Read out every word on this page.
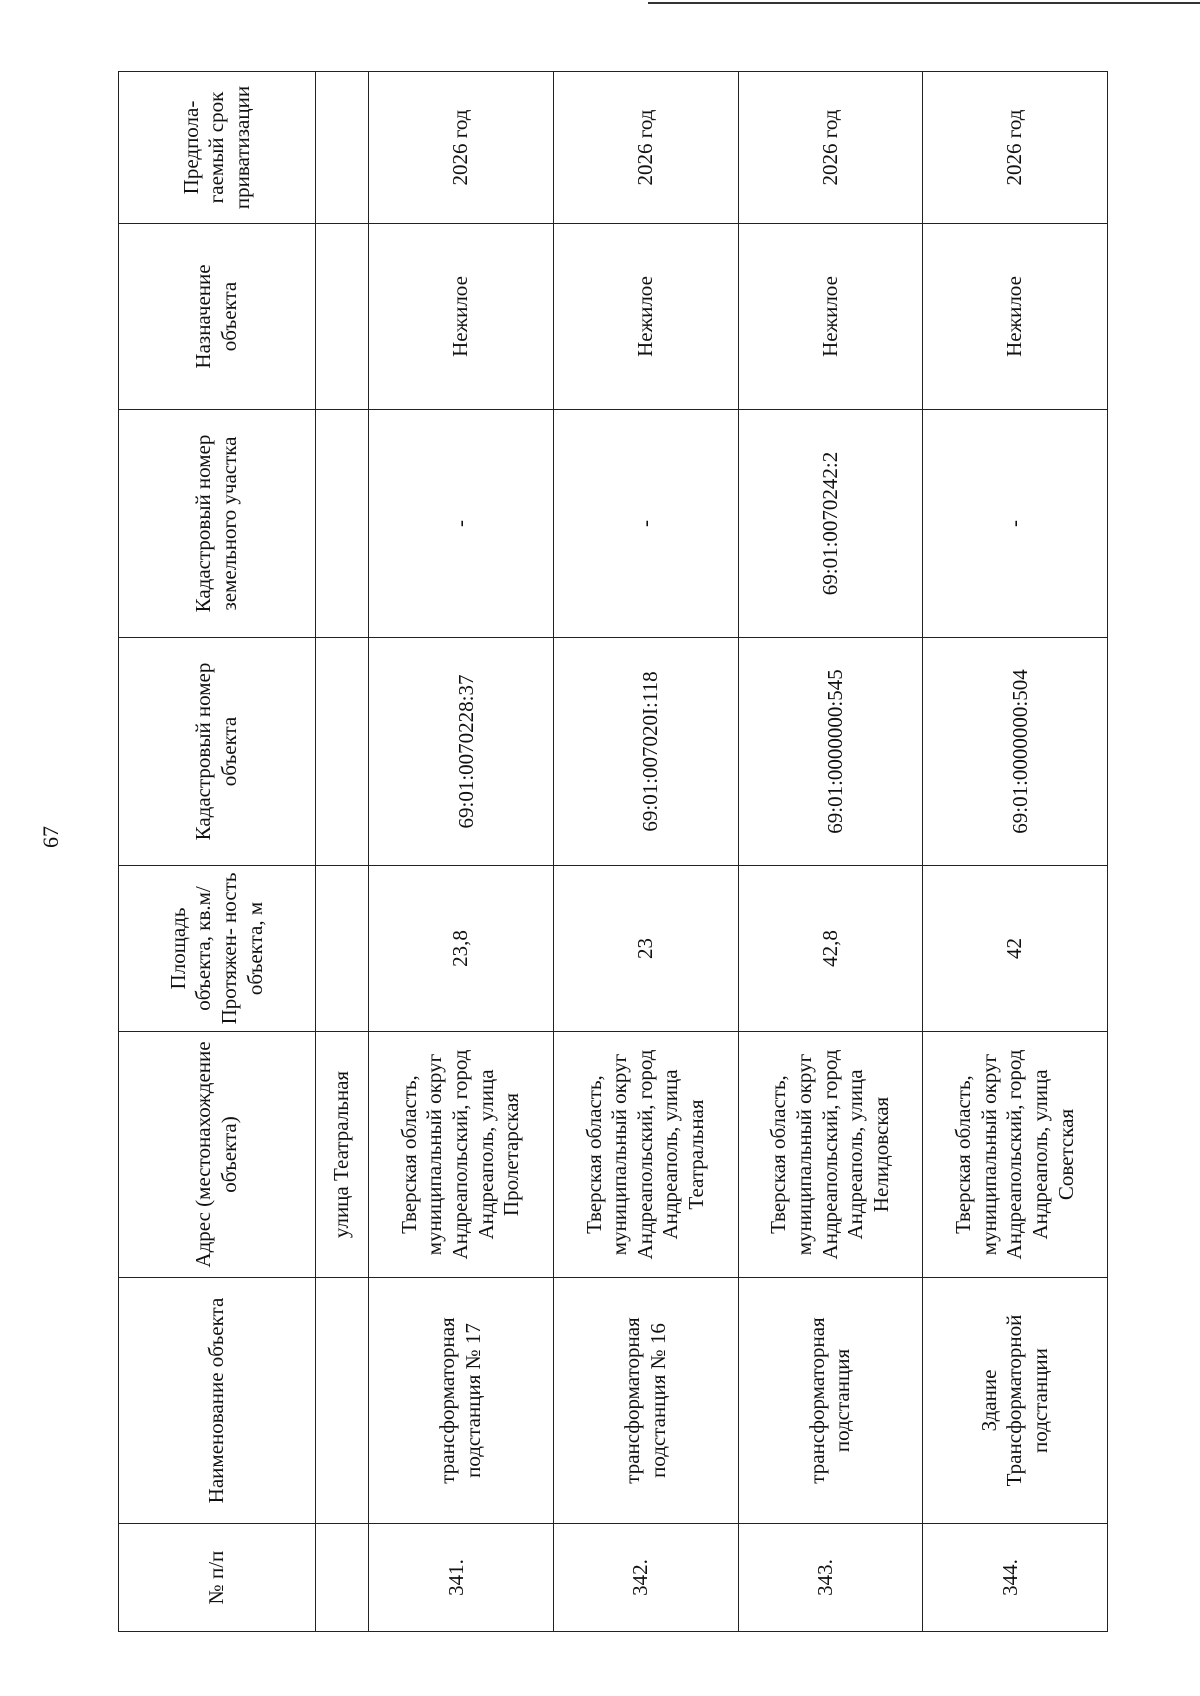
67
№ п/п	Наименование объекта	Адрес (местонахождение объекта)	Площадь объекта, кв.м/ Протяжен- ность объекта, м	Кадастровый номер объекта	Кадастровый номер земельного участка	Назначение объекта	Предпола- гаемый срок приватизации
		улица Театральная					
341.	трансформаторная подстанция № 17	Тверская область, муниципальный округ Андреапольский, город Андреаполь, улица Пролетарская	23,8	69:01:0070228:37	-	Нежилое	2026 год
342.	трансформаторная подстанция № 16	Тверская область, муниципальный округ Андреапольский, город Андреаполь, улица Театральная	23	69:01:007020I:118	-	Нежилое	2026 год
343.	трансформаторная подстанция	Тверская область, муниципальный округ Андреапольский, город Андреаполь, улица Нелидовская	42,8	69:01:0000000:545	69:01:0070242:2	Нежилое	2026 год
344.	Здание Трансформаторной подстанции	Тверская область, муниципальный округ Андреапольский, город Андреаполь, улица Советская	42	69:01:0000000:504	-	Нежилое	2026 год
